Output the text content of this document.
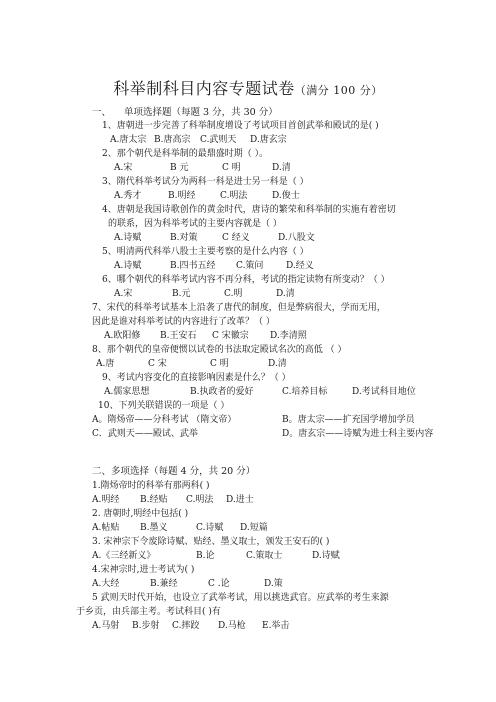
科举制科目内容专题试卷（满分 100 分）
一、 单项选择题（每题 3 分，共 30 分）
1、唐朝进一步完善了科举制度增设了考试项目首创武举和殿试的是( )
A.唐太宗 B.唐高宗 C.武则天 D.唐玄宗
2、那个朝代是科举制的最鼎盛时期（ ）。
A.宋	B 元	C 明	D.清
3、隋代科举考试分为两科一科是进士另一科是（ ）
A.秀才	B.明经	C.明法	D.俊士
4、唐朝是我国诗歌创作的黄金时代，唐诗的繁荣和科举制的实施有着密切
的联系，因为科举考试的主要内容就是（ ）
A.诗赋	B.对策	C 经义	D.八股文
5、明清两代科举八股士主要考察的是什么内容（ ）
A.诗赋	B.四书五经 C.策问	D.经义
6、哪个朝代的科举考试内容不再分科，考试的指定读物有所变动？（ ）
A.宋	B.元	C.明	D.清
7、宋代的科举考试基本上沿袭了唐代的制度，但是弊病很大，学而无用，
因此是谁对科举考试的内容进行了改革？（ ）
A.欧阳修 B.王安石 C 宋徽宗 D.李清照
8、那个朝代的皇帝便惯以试卷的书法取定殿试名次的高低 （ ）
A.唐	C 宋	C 明	D.清
9、考试内容变化的直接影响因素是什么？（ ）
A.儒家思想	B.执政者的爱好	C.培养目标	D.考试科目地位
10、下列关联错误的一项是（ ）
A。隋炀帝——分科考试 （隋文帝）	B。唐太宗——扩充国学增加学员
C．武则天——殿试、武举	D。唐玄宗——诗赋为进士科主要内容
二、多项选择（每题 4 分，共 20 分）
1.隋炀帝时的科举有那两科( )
A.明经 B.经贴 C.明法 D.进士
2. 唐朝时,明经中包括( )
A.帖贴 B.墨义	C.诗赋 D.短篇
3. 宋神宗下令废除诗赋、贴经、墨义取士，颁发王安石的( )
A.《三经新义》	B.论	C.策取士	D.诗赋
4.宋神宗时,进士考试为( )
A.大经	B.兼经	C .论	D.策
5 武则天时代开始，也设立了武举考试，用以挑选武官。应武举的考生来源
于乡贡，由兵部主考。考试科目( )有
A.马射 B.步射 C.摔跤 D.马枪 E.举击
